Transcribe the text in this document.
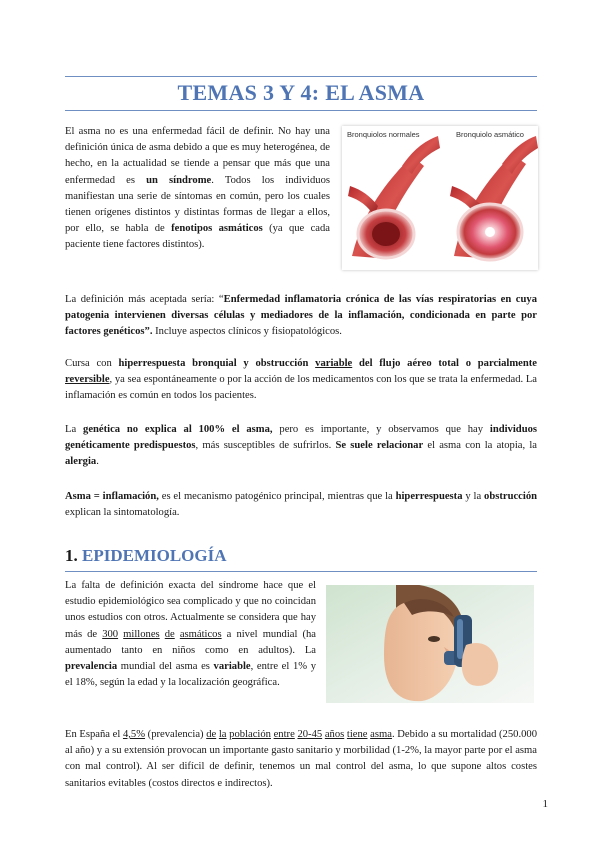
TEMAS 3 Y 4: EL ASMA
El asma no es una enfermedad fácil de definir. No hay una definición única de asma debido a que es muy heterogénea, de hecho, en la actualidad se tiende a pensar que más que una enfermedad es un síndrome. Todos los individuos manifiestan una serie de síntomas en común, pero los cuales tienen orígenes distintos y distintas formas de llegar a ellos, por ello, se habla de fenotipos asmáticos (ya que cada paciente tiene factores distintos).
Bronquiolos normales	Bronquiolo asmático
La definición más aceptada sería: “Enfermedad inflamatoria crónica de las vías respiratorias en cuya patogenia intervienen diversas células y mediadores de la inflamación, condicionada en parte por factores genéticos”. Incluye aspectos clínicos y fisiopatológicos.
Cursa con hiperrespuesta bronquial y obstrucción variable del flujo aéreo total o parcialmente reversible, ya sea espontáneamente o por la acción de los medicamentos con los que se trata la enfermedad. La inflamación es común en todos los pacientes.
La genética no explica al 100% el asma, pero es importante, y observamos que hay individuos genéticamente predispuestos, más susceptibles de sufrirlos. Se suele relacionar el asma con la atopia, la alergia.
Asma = inflamación, es el mecanismo patogénico principal, mientras que la hiperrespuesta y la obstrucción explican la sintomatología.
1. EPIDEMIOLOGÍA
La falta de definición exacta del síndrome hace que el estudio epidemiológico sea complicado y que no coincidan unos estudios con otros. Actualmente se considera que hay más de 300 millones de asmáticos a nivel mundial (ha aumentado tanto en niños como en adultos). La prevalencia mundial del asma es variable, entre el 1% y el 18%, según la edad y la localización geográfica.
En España el 4,5% (prevalencia) de la población entre 20-45 años tiene asma. Debido a su mortalidad (250.000 al año) y a su extensión provocan un importante gasto sanitario y morbilidad (1-2%, la mayor parte por el asma con mal control). Al ser difícil de definir, tenemos un mal control del asma, lo que supone altos costes sanitarios evitables (costos directos e indirectos).
1
